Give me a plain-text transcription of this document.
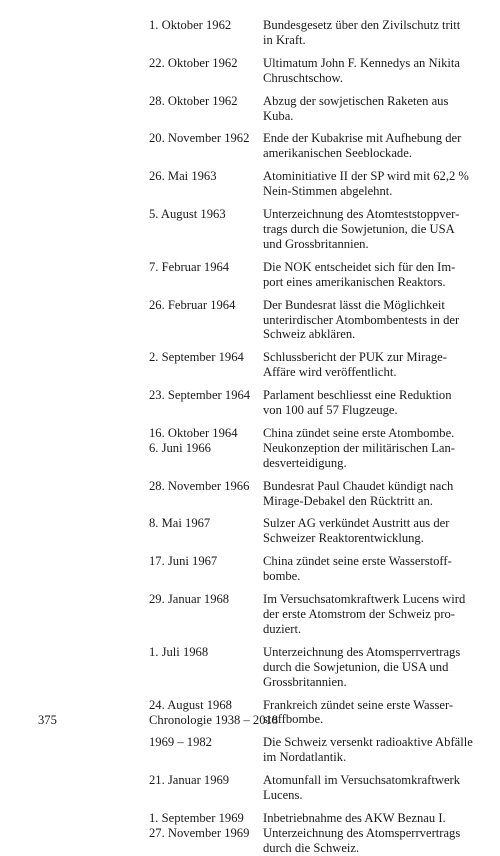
1. Oktober 1962	Bundesgesetz über den Zivilschutz tritt
in Kraft.
22. Oktober 1962	Ultimatum John F. Kennedys an Nikita
Chruschtschow.
28. Oktober 1962	Abzug der sowjetischen Raketen aus
Kuba.
20. November 1962	Ende der Kubakrise mit Aufhebung der
amerikanischen Seeblockade.
26. Mai 1963	Atominitiative II der SP wird mit 62,2 %
Nein-Stimmen abgelehnt.
5. August 1963	Unterzeichnung des Atomteststoppver-
trags durch die Sowjetunion, die USA
und Grossbritannien.
7. Februar 1964	Die NOK entscheidet sich für den Im-
port eines amerikanischen Reaktors.
26. Februar 1964	Der Bundesrat lässt die Möglichkeit
unterirdischer Atombombentests in der
Schweiz abklären.
2. September 1964	Schlussbericht der PUK zur Mirage-
Affäre wird veröffentlicht.
23. September 1964	Parlament beschliesst eine Reduktion
von 100 auf 57 Flugzeuge.
16. Oktober 1964	China zündet seine erste Atombombe.
6. Juni 1966	Neukonzeption der militärischen Lan-
desverteidigung.
28. November 1966	Bundesrat Paul Chaudet kündigt nach
Mirage-Debakel den Rücktritt an.
8. Mai 1967	Sulzer AG verkündet Austritt aus der
Schweizer Reaktorentwicklung.
17. Juni 1967	China zündet seine erste Wasserstoff-
bombe.
29. Januar 1968	Im Versuchsatomkraftwerk Lucens wird
der erste Atomstrom der Schweiz pro-
duziert.
1. Juli 1968	Unterzeichnung des Atomsperrvertrags
durch die Sowjetunion, die USA und
Grossbritannien.
24. August 1968	Frankreich zündet seine erste Wasser-
stoffbombe.
1969 – 1982	Die Schweiz versenkt radioaktive Abfälle
im Nordatlantik.
21. Januar 1969	Atomunfall im Versuchsatomkraftwerk
Lucens.
1. September 1969	Inbetriebnahme des AKW Beznau I.
27. November 1969	Unterzeichnung des Atomsperrvertrags
durch die Schweiz.
375	Chronologie 1938 – 2018
